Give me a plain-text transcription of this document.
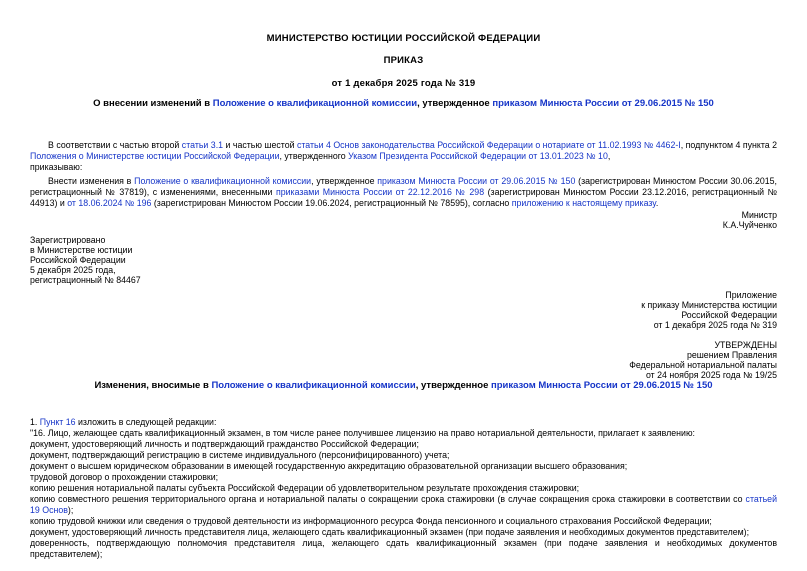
МИНИСТЕРСТВО ЮСТИЦИИ РОССИЙСКОЙ ФЕДЕРАЦИИ
ПРИКАЗ
от 1 декабря 2025 года № 319
О внесении изменений в Положение о квалификационной комиссии, утвержденное приказом Минюста России от 29.06.2015 № 150
В соответствии с частью второй статьи 3.1 и частью шестой статьи 4 Основ законодательства Российской Федерации о нотариате от 11.02.1993 № 4462-I, подпунктом 4 пункта 2 Положения о Министерстве юстиции Российской Федерации, утвержденного Указом Президента Российской Федерации от 13.01.2023 № 10,
приказываю:
Внести изменения в Положение о квалификационной комиссии, утвержденное приказом Минюста России от 29.06.2015 № 150 (зарегистрирован Минюстом России 30.06.2015, регистрационный № 37819), с изменениями, внесенными приказами Минюста России от 22.12.2016 № 298 (зарегистрирован Минюстом России 23.12.2016, регистрационный № 44913) и от 18.06.2024 № 196 (зарегистрирован Минюстом России 19.06.2024, регистрационный № 78595), согласно приложению к настоящему приказу.
Министр
К.А.Чуйченко
Зарегистрировано
в Министерстве юстиции
Российской Федерации
5 декабря 2025 года,
регистрационный № 84467
Приложение
к приказу Министерства юстиции
Российской Федерации
от 1 декабря 2025 года № 319
УТВЕРЖДЕНЫ
решением Правления
Федеральной нотариальной палаты
от 24 ноября 2025 года № 19/25
Изменения, вносимые в Положение о квалификационной комиссии, утвержденное приказом Минюста России от 29.06.2015 № 150
1. Пункт 16 изложить в следующей редакции:
"16. Лицо, желающее сдать квалификационный экзамен, в том числе ранее получившее лицензию на право нотариальной деятельности, прилагает к заявлению:
документ, удостоверяющий личность и подтверждающий гражданство Российской Федерации;
документ, подтверждающий регистрацию в системе индивидуального (персонифицированного) учета;
документ о высшем юридическом образовании в имеющей государственную аккредитацию образовательной организации высшего образования;
трудовой договор о прохождении стажировки;
копию решения нотариальной палаты субъекта Российской Федерации об удовлетворительном результате прохождения стажировки;
копию совместного решения территориального органа и нотариальной палаты о сокращении срока стажировки (в случае сокращения срока стажировки в соответствии со статьей 19 Основ);
копию трудовой книжки или сведения о трудовой деятельности из информационного ресурса Фонда пенсионного и социального страхования Российской Федерации;
документ, удостоверяющий личность представителя лица, желающего сдать квалификационный экзамен (при подаче заявления и необходимых документов представителем);
доверенность, подтверждающую полномочия представителя лица, желающего сдать квалификационный экзамен (при подаче заявления и необходимых документов представителем);
